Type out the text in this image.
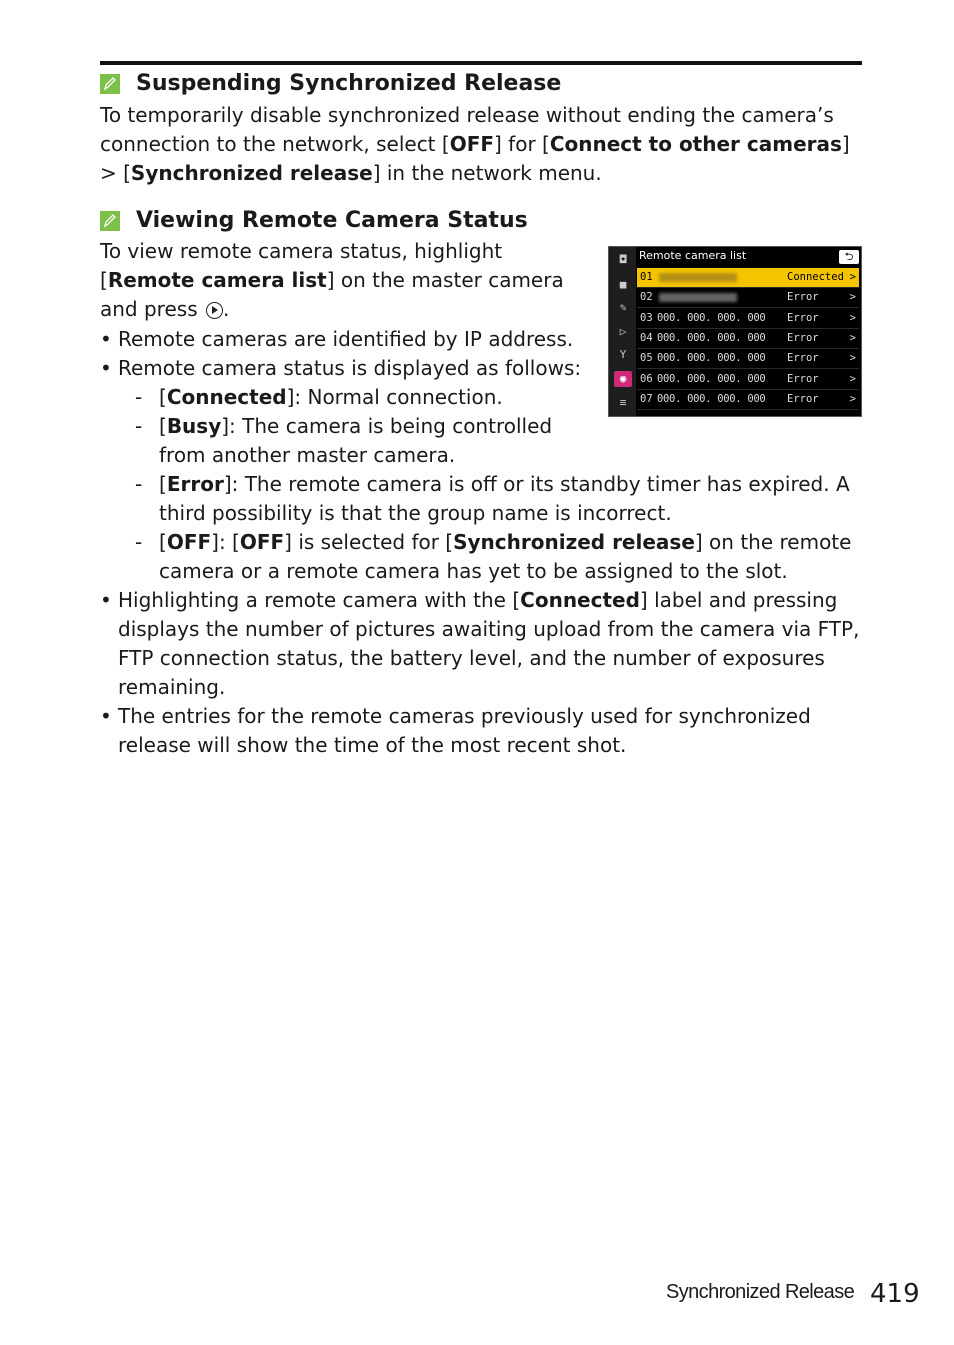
Suspending Synchronized Release
To temporarily disable synchronized release without ending the camera’s connection to the network, select [OFF] for [Connect to other cameras] > [Synchronized release] in the network menu.
Viewing Remote Camera Status
To view remote camera status, highlight [Remote camera list] on the master camera and press .
• Remote cameras are identified by IP address.
• Remote camera status is displayed as follows:
- [Connected]: Normal connection.
- [Busy]: The camera is being controlled from another master camera.
- [Error]: The remote camera is off or its standby timer has expired. A third possibility is that the group name is incorrect.
- [OFF]: [OFF] is selected for [Synchronized release] on the remote camera or a remote camera has yet to be assigned to the slot.
• Highlighting a remote camera with the [Connected] label and pressing displays the number of pictures awaiting upload from the camera via FTP, FTP connection status, the battery level, and the number of exposures remaining.
• The entries for the remote cameras previously used for synchronized release will show the time of the most recent shot.
◘
■
✎
▷
Y
◉
≡
Remote camera list	⮌
01	Connected >
02	Error	>
03 000. 000. 000. 000 Error	>
04 000. 000. 000. 000 Error	>
05 000. 000. 000. 000 Error	>
06 000. 000. 000. 000 Error	>
07 000. 000. 000. 000 Error	>
Synchronized Release 419
